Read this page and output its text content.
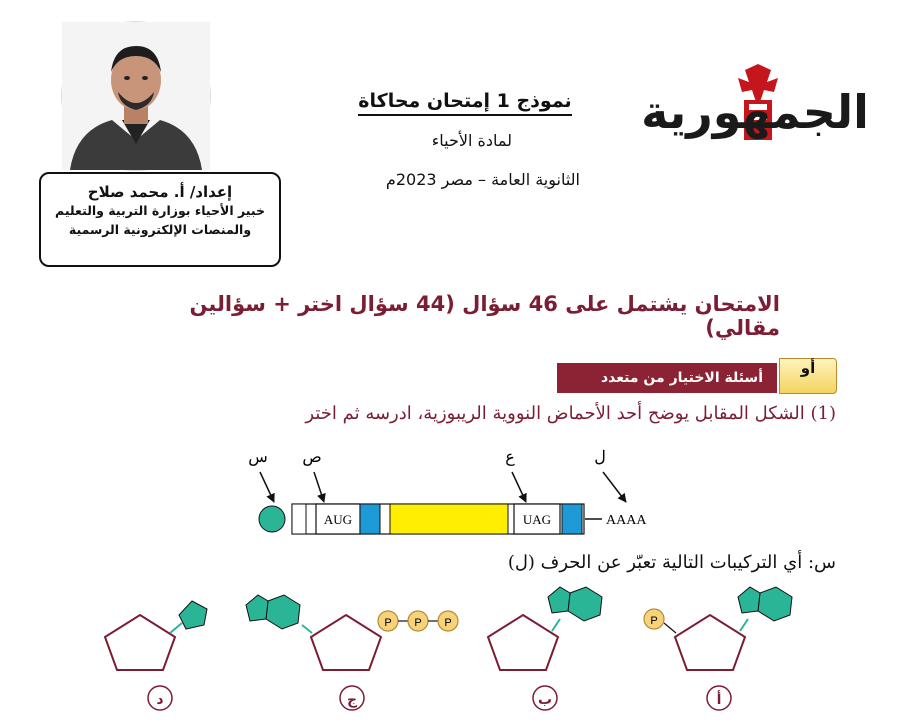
إعداد/ أ. محمد صلاح
خبير الأحياء بوزارة التربية والتعليم
والمنصات الإلكترونية الرسمية
نموذج 1 إمتحان محاكاة
لمادة الأحياء
الثانوية العامة – مصر 2023م
الجمهورية
الامتحان يشتمل على 46 سؤال (44 سؤال اختر + سؤالين مقالي)
أسئلة الاختيار من متعدد
أو
(1) الشكل المقابل يوضح أحد الأحماض النووية الريبوزية، ادرسه ثم اختر
س ص	ع	ل
AUG	UAG	AAAA
س: أي التركيبات التالية تعبّر عن الحرف (ل)
P P P	P
د	ج	ب	أ
